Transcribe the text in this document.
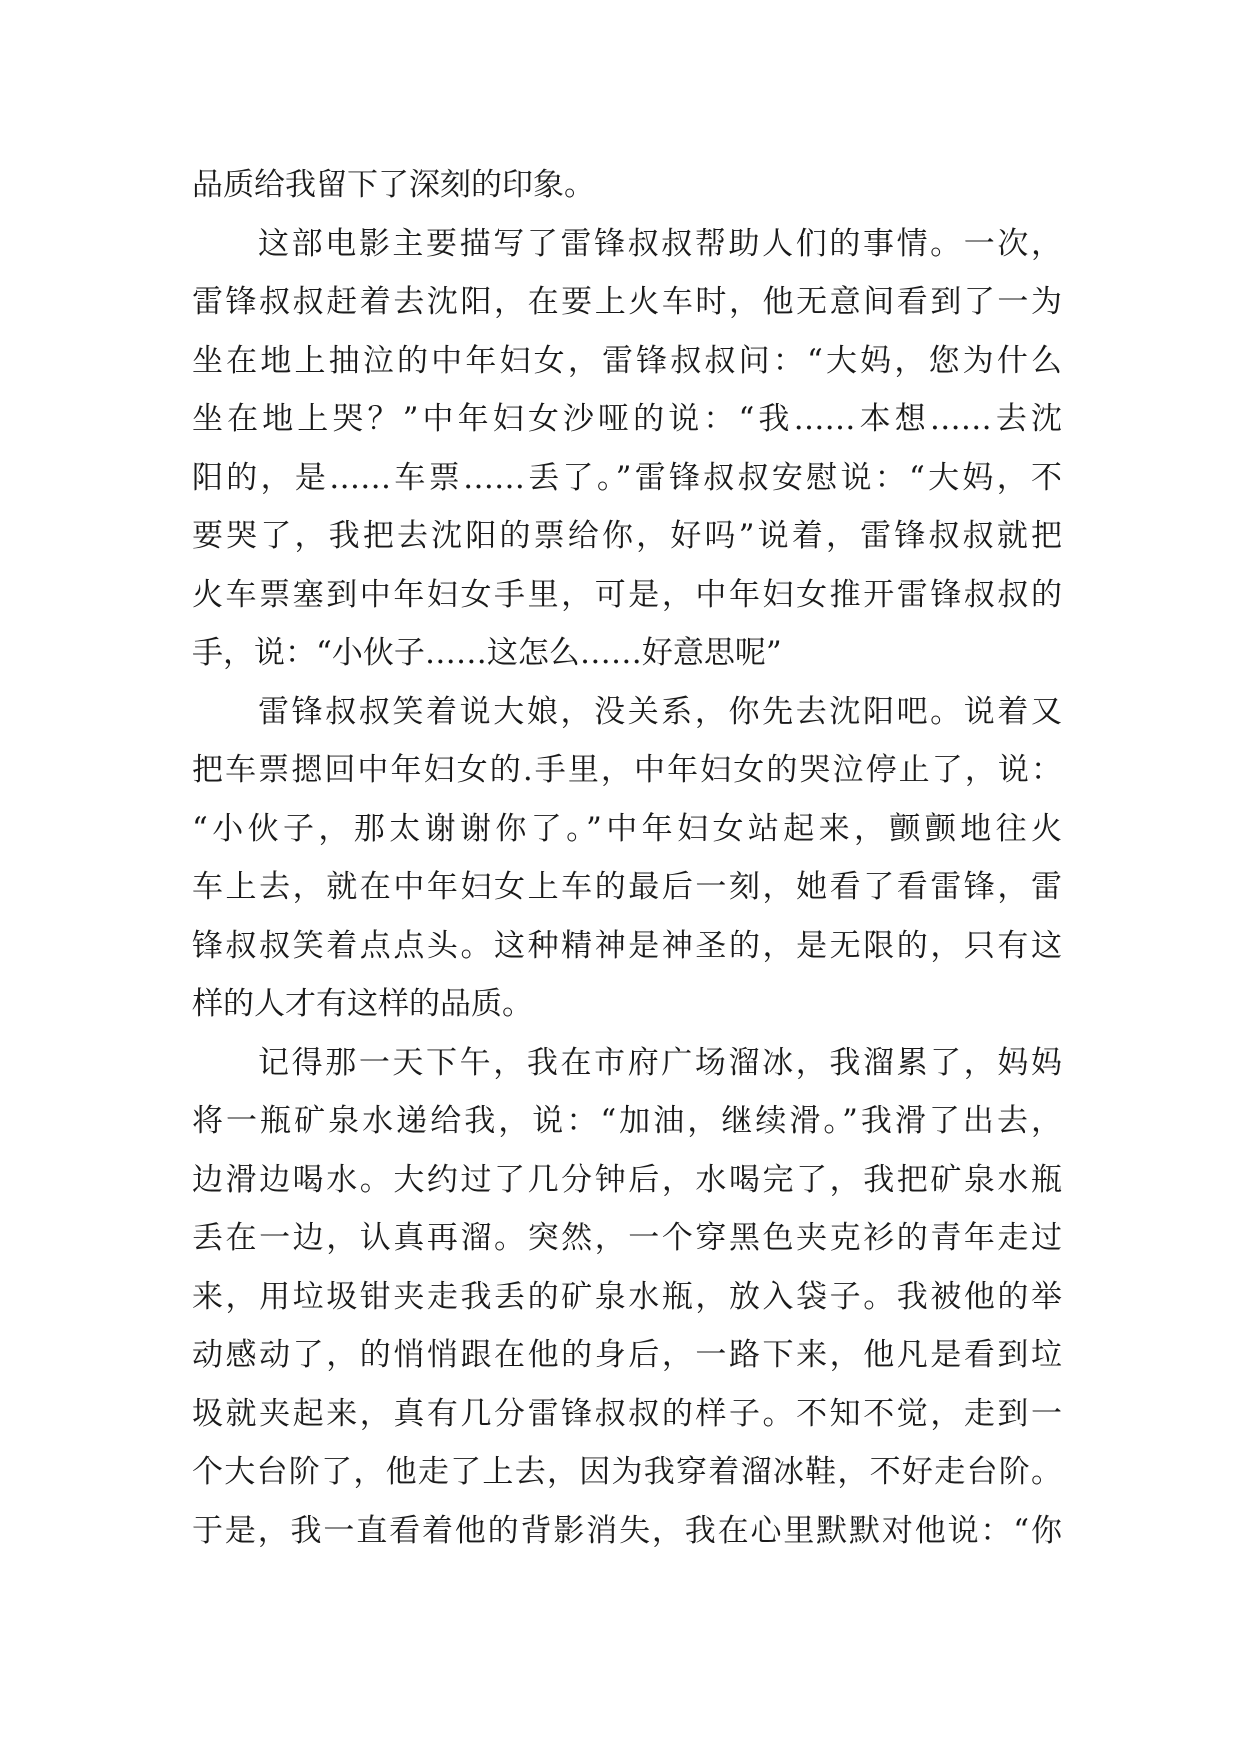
品质给我留下了深刻的印象。
这部电影主要描写了雷锋叔叔帮助人们的事情。一次，
雷锋叔叔赶着去沈阳，在要上火车时，他无意间看到了一为
坐在地上抽泣的中年妇女，雷锋叔叔问：“大妈，您为什么
坐在地上哭？”中年妇女沙哑的说：“我……本想……去沈
阳的，是……车票……丢了。”雷锋叔叔安慰说：“大妈，不
要哭了，我把去沈阳的票给你，好吗”说着，雷锋叔叔就把
火车票塞到中年妇女手里，可是，中年妇女推开雷锋叔叔的
手，说：“小伙子……这怎么……好意思呢”
雷锋叔叔笑着说大娘，没关系，你先去沈阳吧。说着又
把车票摁回中年妇女的.手里，中年妇女的哭泣停止了，说：
“小伙子，那太谢谢你了。”中年妇女站起来，颤颤地往火
车上去，就在中年妇女上车的最后一刻，她看了看雷锋，雷
锋叔叔笑着点点头。这种精神是神圣的，是无限的，只有这
样的人才有这样的品质。
记得那一天下午，我在市府广场溜冰，我溜累了，妈妈
将一瓶矿泉水递给我，说：“加油，继续滑。”我滑了出去，
边滑边喝水。大约过了几分钟后，水喝完了，我把矿泉水瓶
丢在一边，认真再溜。突然，一个穿黑色夹克衫的青年走过
来，用垃圾钳夹走我丢的矿泉水瓶，放入袋子。我被他的举
动感动了，的悄悄跟在他的身后，一路下来，他凡是看到垃
圾就夹起来，真有几分雷锋叔叔的样子。不知不觉，走到一
个大台阶了，他走了上去，因为我穿着溜冰鞋，不好走台阶。
于是，我一直看着他的背影消失，我在心里默默对他说：“你
